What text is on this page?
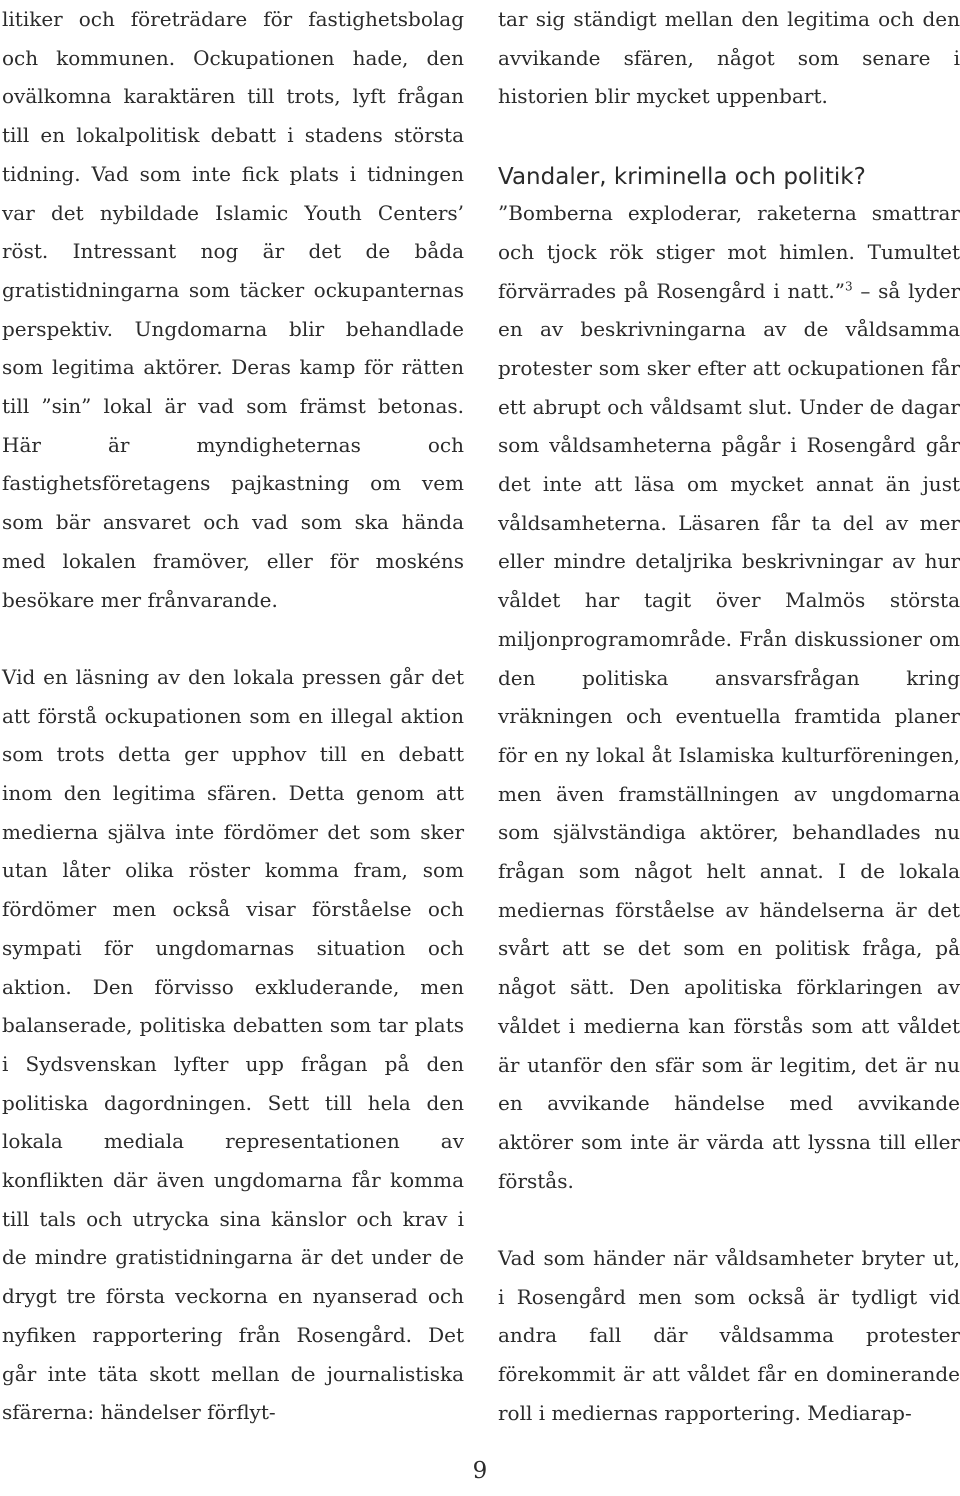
litiker och företrädare för fastighetsbolag och kommunen. Ockupationen hade, den ovälkomna karaktären till trots, lyft frågan till en lokalpolitisk debatt i stadens största tidning. Vad som inte fick plats i tidningen var det nybildade Islamic Youth Centers’ röst. Intressant nog är det de båda gratistidningarna som täcker ockupanternas perspektiv. Ungdomarna blir behandlade som legitima aktörer. Deras kamp för rätten till ”sin” lokal är vad som främst betonas. Här är myndigheternas och fastighetsföretagens pajkastning om vem som bär ansvaret och vad som ska hända med lokalen framöver, eller för moskéns besökare mer frånvarande.

Vid en läsning av den lokala pressen går det att förstå ockupationen som en illegal aktion som trots detta ger upphov till en debatt inom den legitima sfären. Detta genom att medierna själva inte fördömer det som sker utan låter olika röster komma fram, som fördömer men också visar förståelse och sympati för ungdomarnas situation och aktion. Den förvisso exkluderande, men balanserade, politiska debatten som tar plats i Sydsvenskan lyfter upp frågan på den politiska dagordningen. Sett till hela den lokala mediala representationen av konflikten där även ungdomarna får komma till tals och utrycka sina känslor och krav i de mindre gratistidningarna är det under de drygt tre första veckorna en nyanserad och nyfiken rapportering från Rosengård. Det går inte täta skott mellan de journalistiska sfärerna: händelser förflyt-

tar sig ständigt mellan den legitima och den avvikande sfären, något som senare i historien blir mycket uppenbart.

Vandaler, kriminella och politik?

”Bomberna exploderar, raketerna smattrar och tjock rök stiger mot himlen. Tumultet förvärrades på Rosengård i natt.”$^3$ – så lyder en av beskrivningarna av de våldsamma protester som sker efter att ockupationen får ett abrupt och våldsamt slut. Under de dagar som våldsamheterna pågår i Rosengård går det inte att läsa om mycket annat än just våldsamheterna. Läsaren får ta del av mer eller mindre detaljrika beskrivningar av hur våldet har tagit över Malmös största miljonprogramområde. Från diskussioner om den politiska ansvarsfrågan kring vräkningen och eventuella framtida planer för en ny lokal åt Islamiska kulturföreningen, men även framställningen av ungdomarna som självständiga aktörer, behandlades nu frågan som något helt annat. I de lokala mediernas förståelse av händelserna är det svårt att se det som en politisk fråga, på något sätt. Den apolitiska förklaringen av våldet i medierna kan förstås som att våldet är utanför den sfär som är legitim, det är nu en avvikande händelse med avvikande aktörer som inte är värda att lyssna till eller förstås.

Vad som händer när våldsamheter bryter ut, i Rosengård men som också är tydligt vid andra fall där våldsamma protester förekommit är att våldet får en dominerande roll i mediernas rapportering. Mediarap-

9
